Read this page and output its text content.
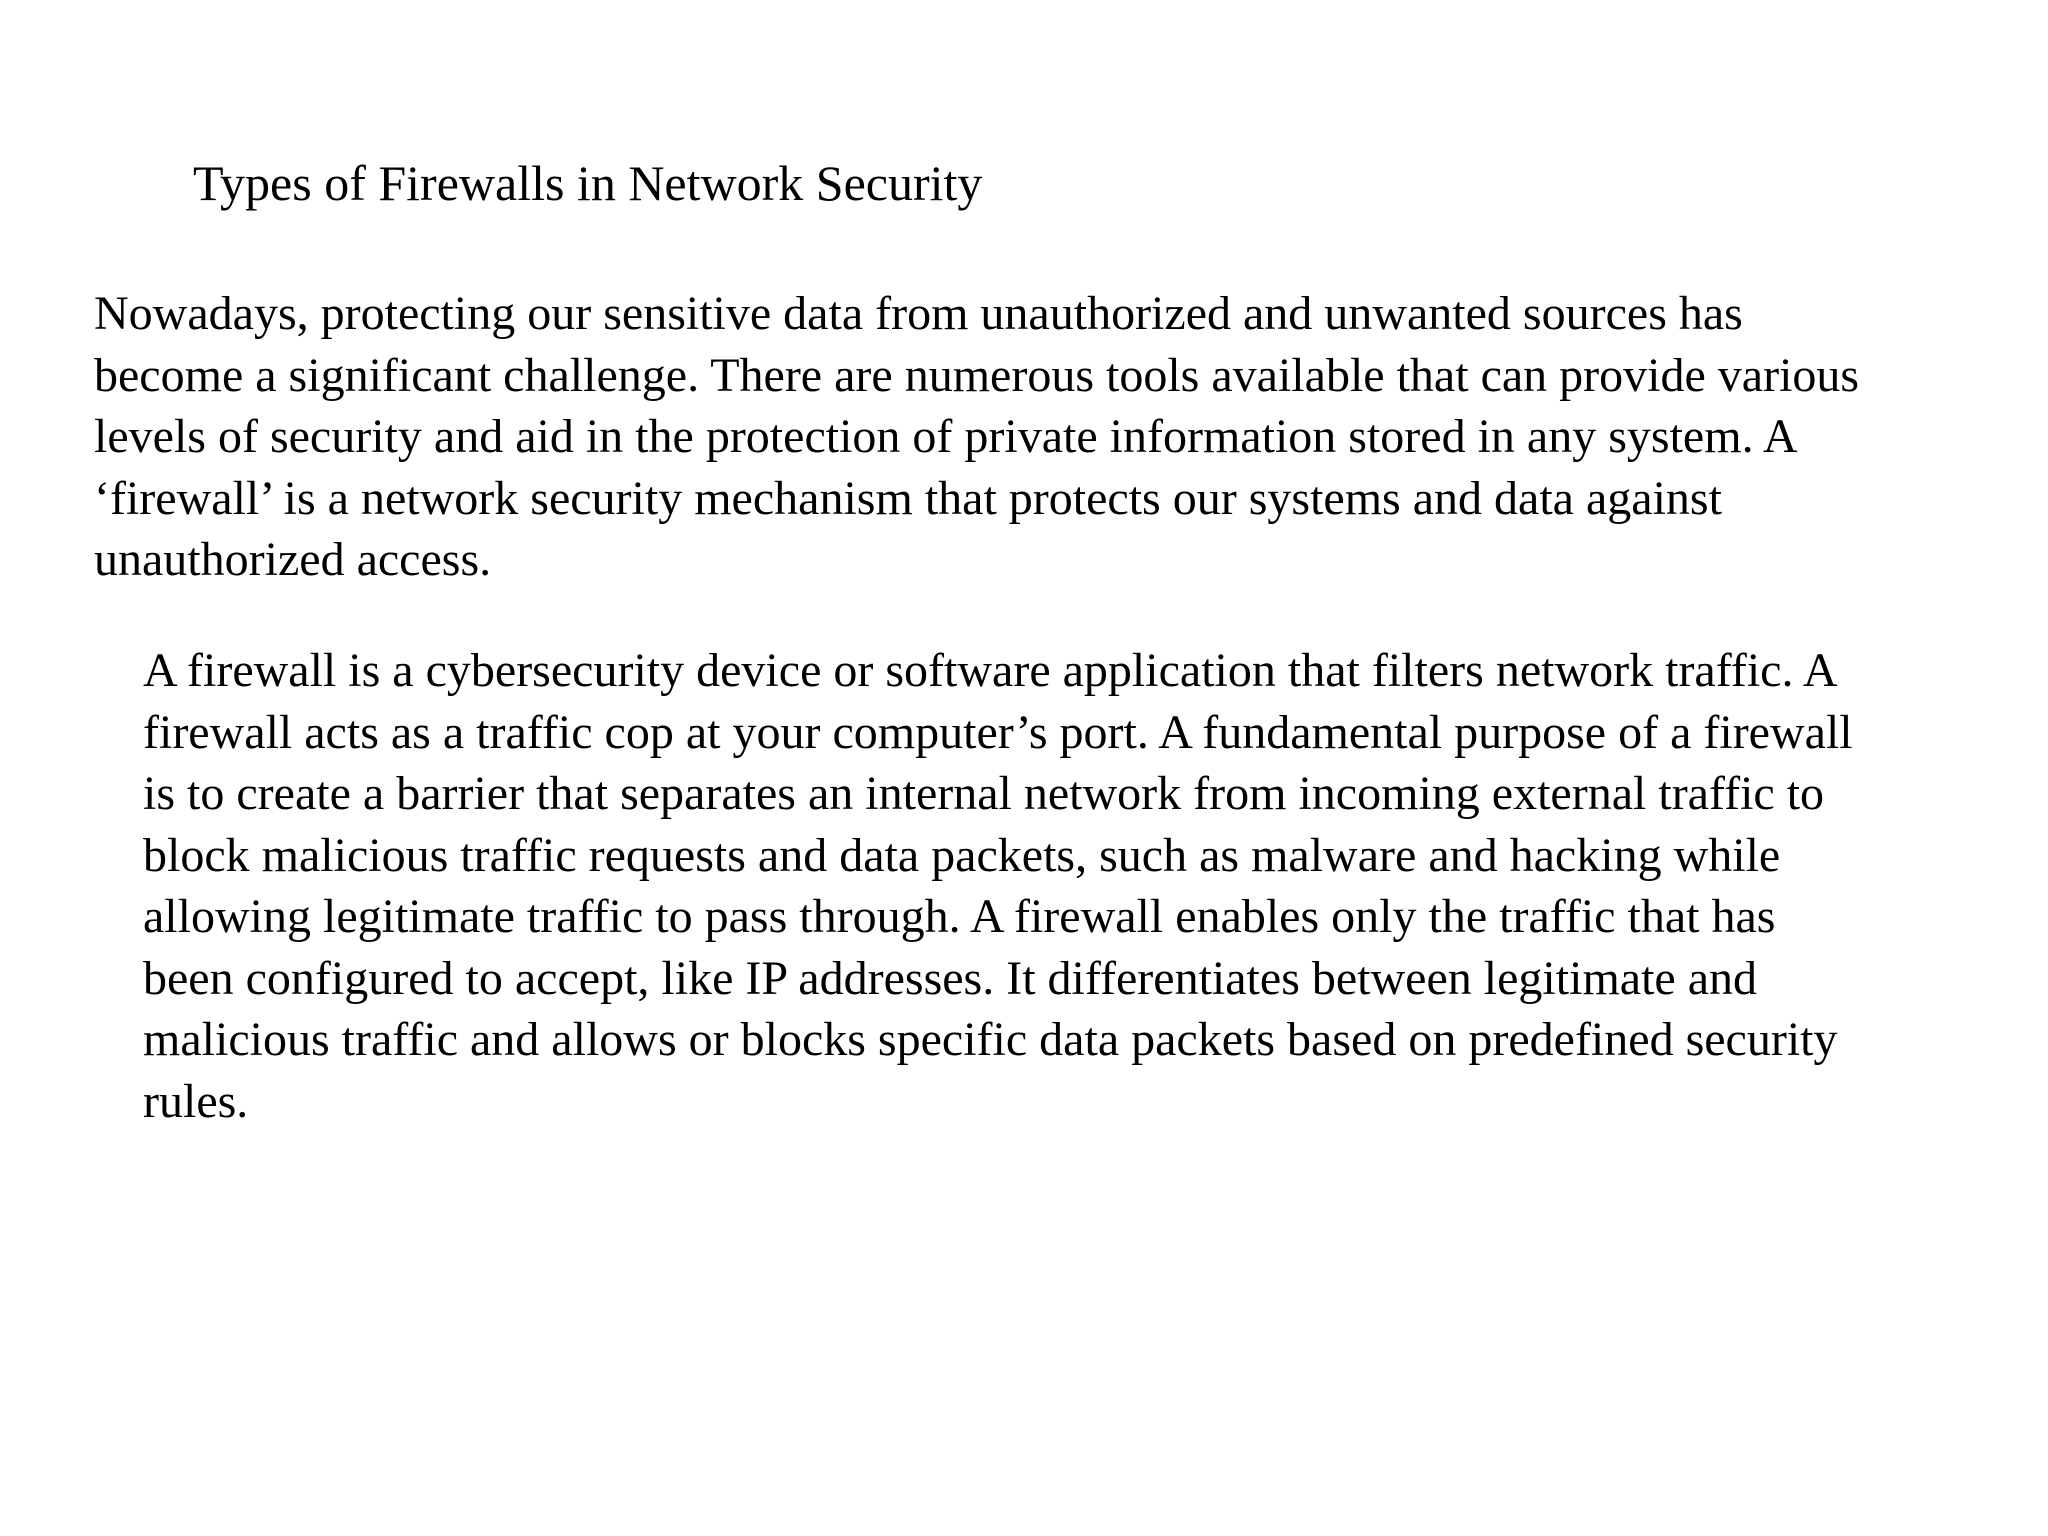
Types of Firewalls in Network Security

Nowadays, protecting our sensitive data from unauthorized and unwanted sources has
become a significant challenge. There are numerous tools available that can provide various
levels of security and aid in the protection of private information stored in any system. A
‘firewall’ is a network security mechanism that protects our systems and data against
unauthorized access.

A firewall is a cybersecurity device or software application that filters network traffic. A
firewall acts as a traffic cop at your computer’s port. A fundamental purpose of a firewall
is to create a barrier that separates an internal network from incoming external traffic to
block malicious traffic requests and data packets, such as malware and hacking while
allowing legitimate traffic to pass through. A firewall enables only the traffic that has
been configured to accept, like IP addresses. It differentiates between legitimate and
malicious traffic and allows or blocks specific data packets based on predefined security
rules.
